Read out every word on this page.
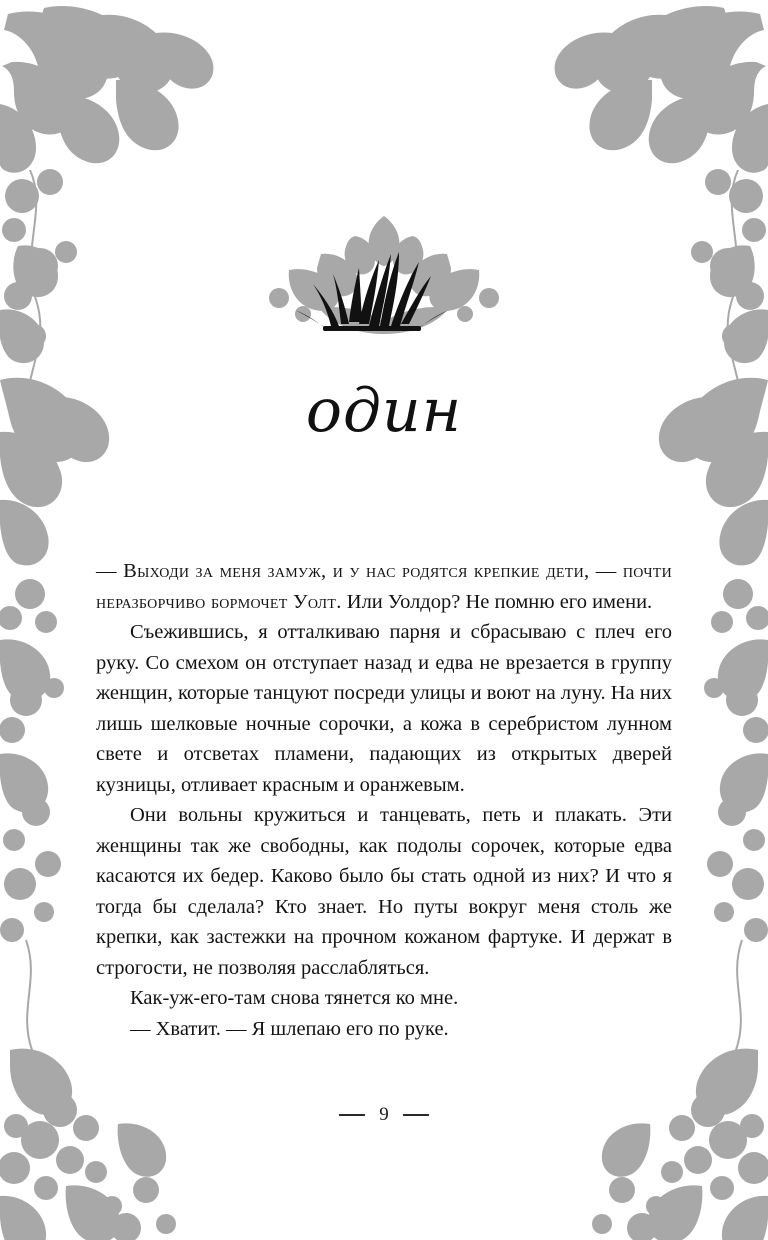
один

— Выходи за меня замуж, и у нас родятся крепкие дети, — почти неразборчиво бормочет Уолт. Или Уолдор? Не помню его имени.

Съежившись, я отталкиваю парня и сбрасываю с плеч его руку. Со смехом он отступает назад и едва не врезается в группу женщин, которые танцуют посреди улицы и воют на луну. На них лишь шелковые ночные сорочки, а кожа в серебристом лунном свете и отсветах пламени, падающих из открытых дверей кузницы, отливает красным и оранжевым.

Они вольны кружиться и танцевать, петь и плакать. Эти женщины так же свободны, как подолы сорочек, которые едва касаются их бедер. Каково было бы стать одной из них? И что я тогда бы сделала? Кто знает. Но путы вокруг меня столь же крепки, как застежки на прочном кожаном фартуке. И держат в строгости, не позволяя расслабляться.

Как-уж-его-там снова тянется ко мне.

— Хватит. — Я шлепаю его по руке.

9
